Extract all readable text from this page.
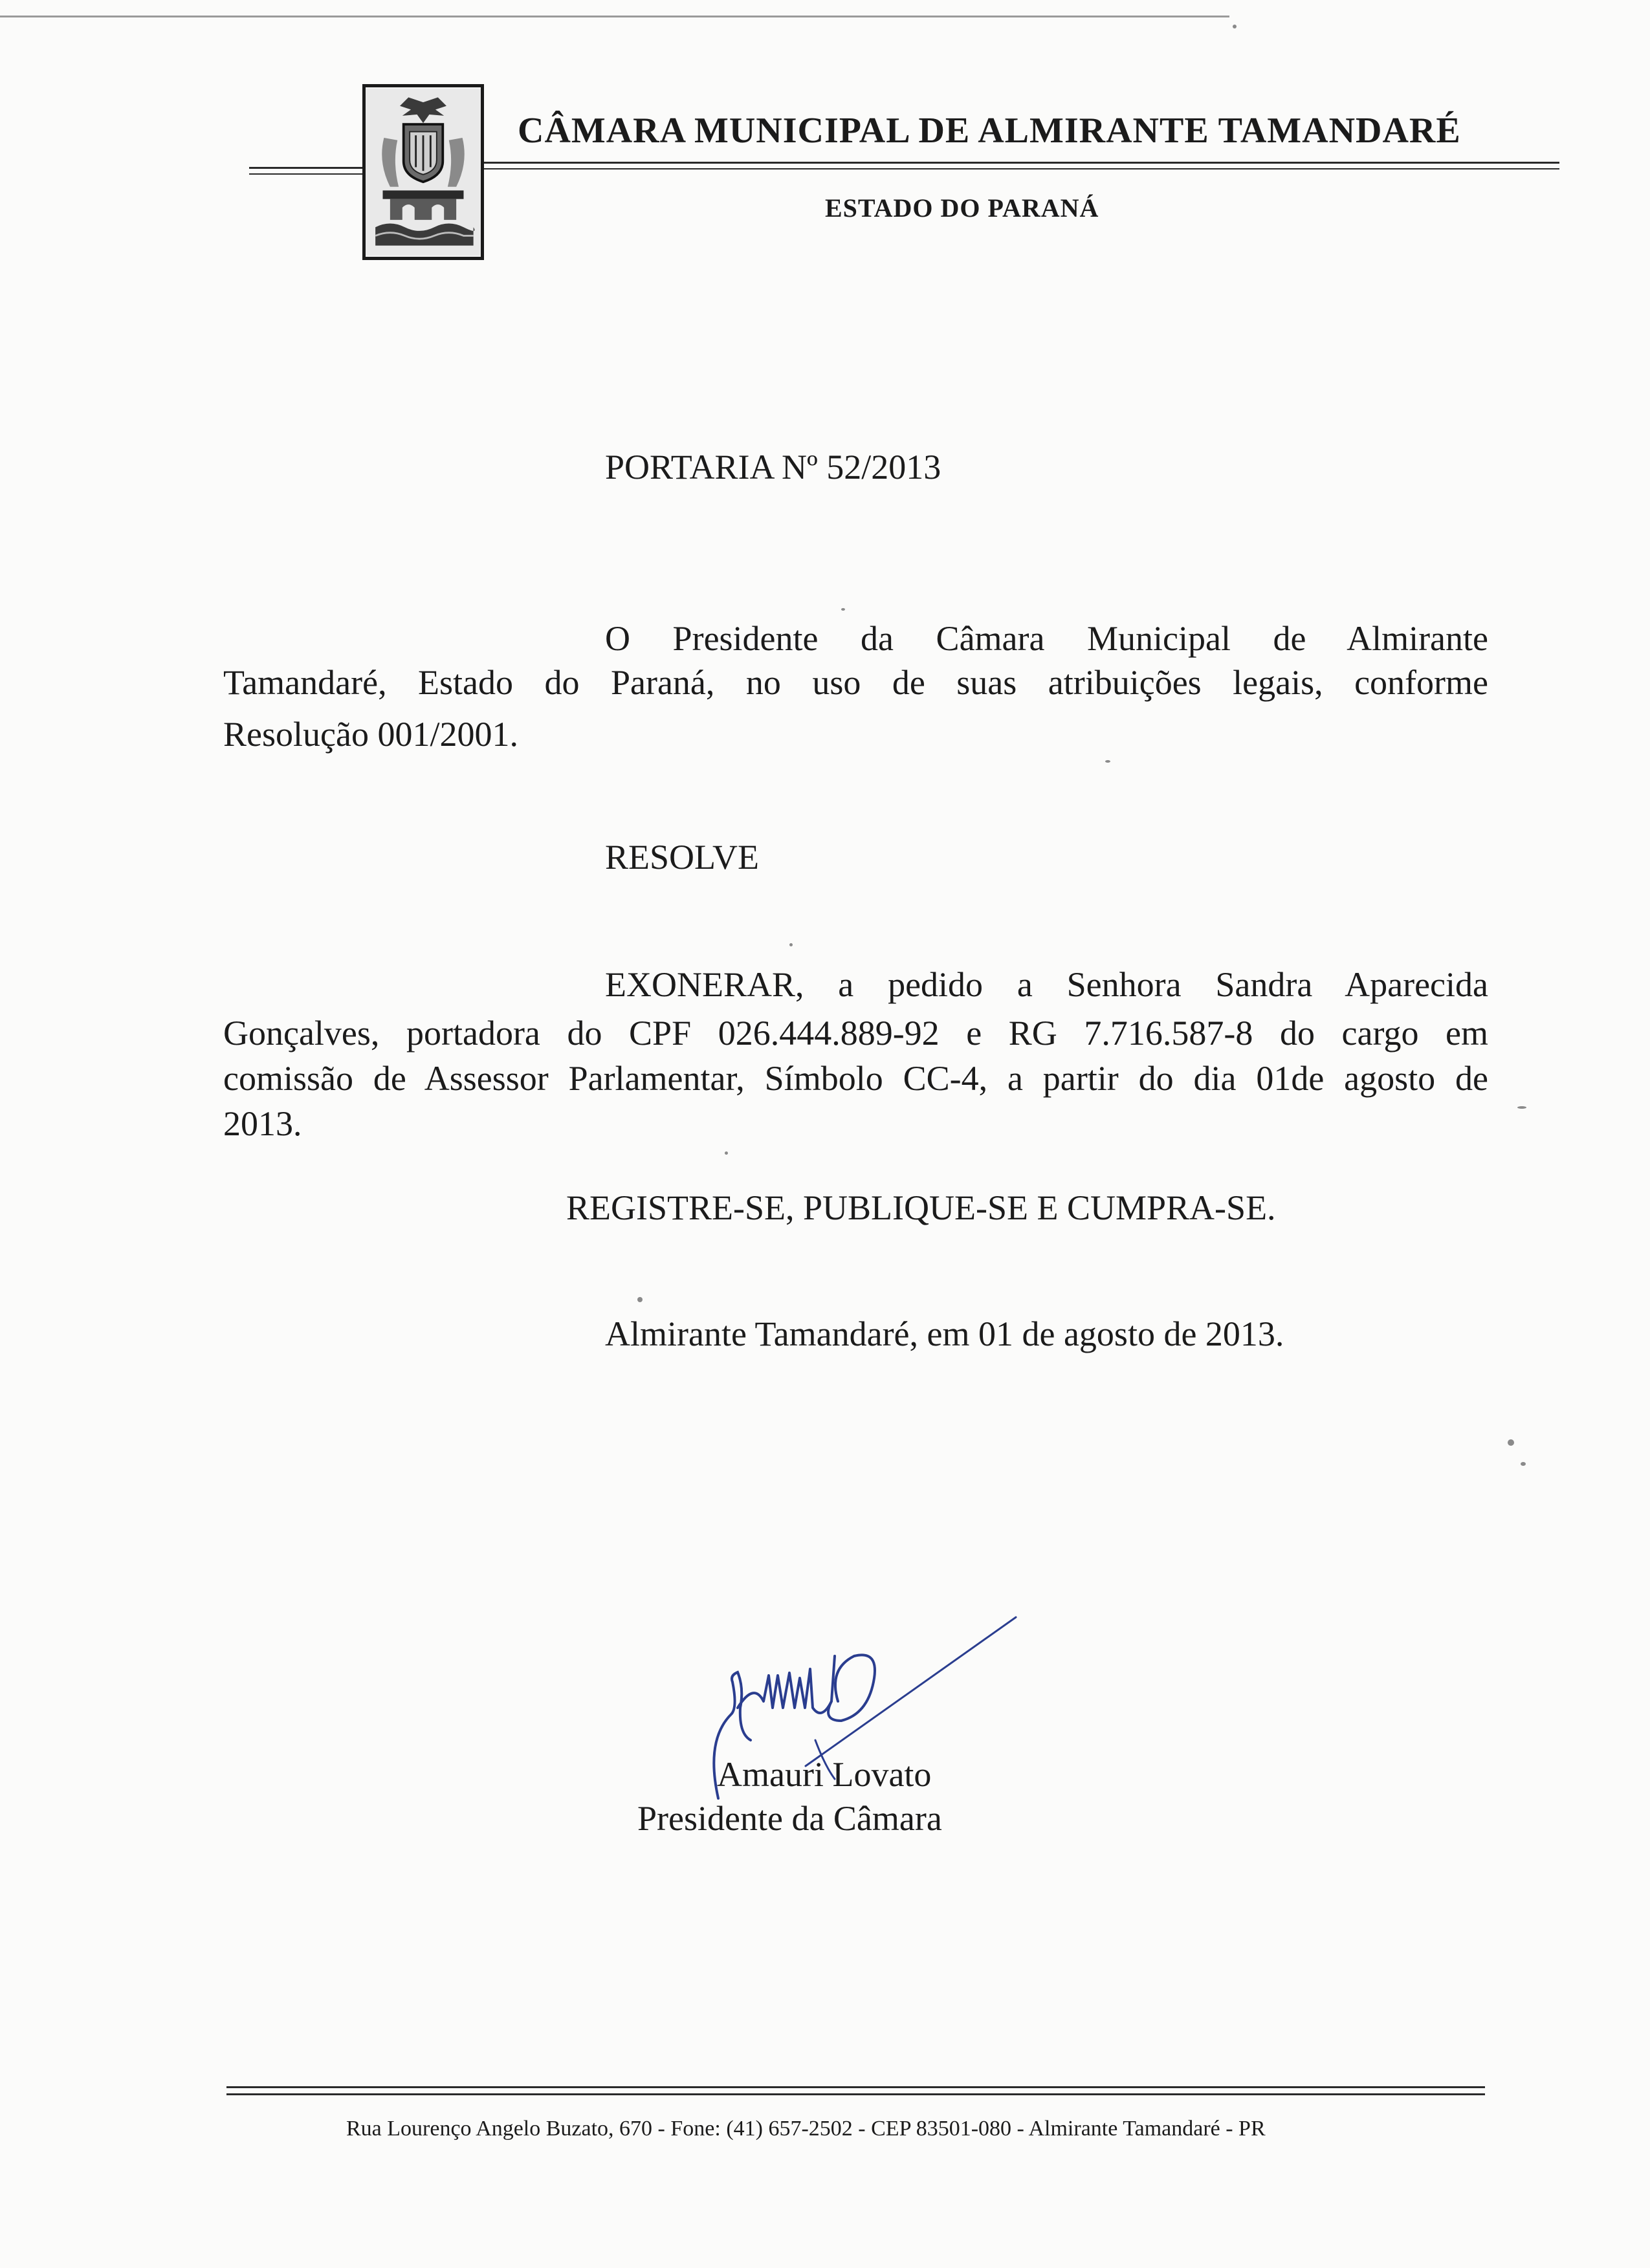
CÂMARA MUNICIPAL DE ALMIRANTE TAMANDARÉ
ESTADO DO PARANÁ
PORTARIA Nº 52/2013
O Presidente da Câmara Municipal de Almirante
Tamandaré, Estado do Paraná, no uso de suas atribuições legais, conforme
Resolução 001/2001.
RESOLVE
EXONERAR, a pedido a Senhora Sandra Aparecida
Gonçalves, portadora do CPF 026.444.889-92 e RG 7.716.587-8 do cargo em
comissão de Assessor Parlamentar, Símbolo CC-4, a partir do dia 01de agosto de
2013.
REGISTRE-SE, PUBLIQUE-SE E CUMPRA-SE.
Almirante Tamandaré, em 01 de agosto de 2013.
Amauri Lovato
Presidente da Câmara
Rua Lourenço Angelo Buzato, 670 - Fone: (41) 657-2502 - CEP 83501-080 - Almirante Tamandaré - PR
